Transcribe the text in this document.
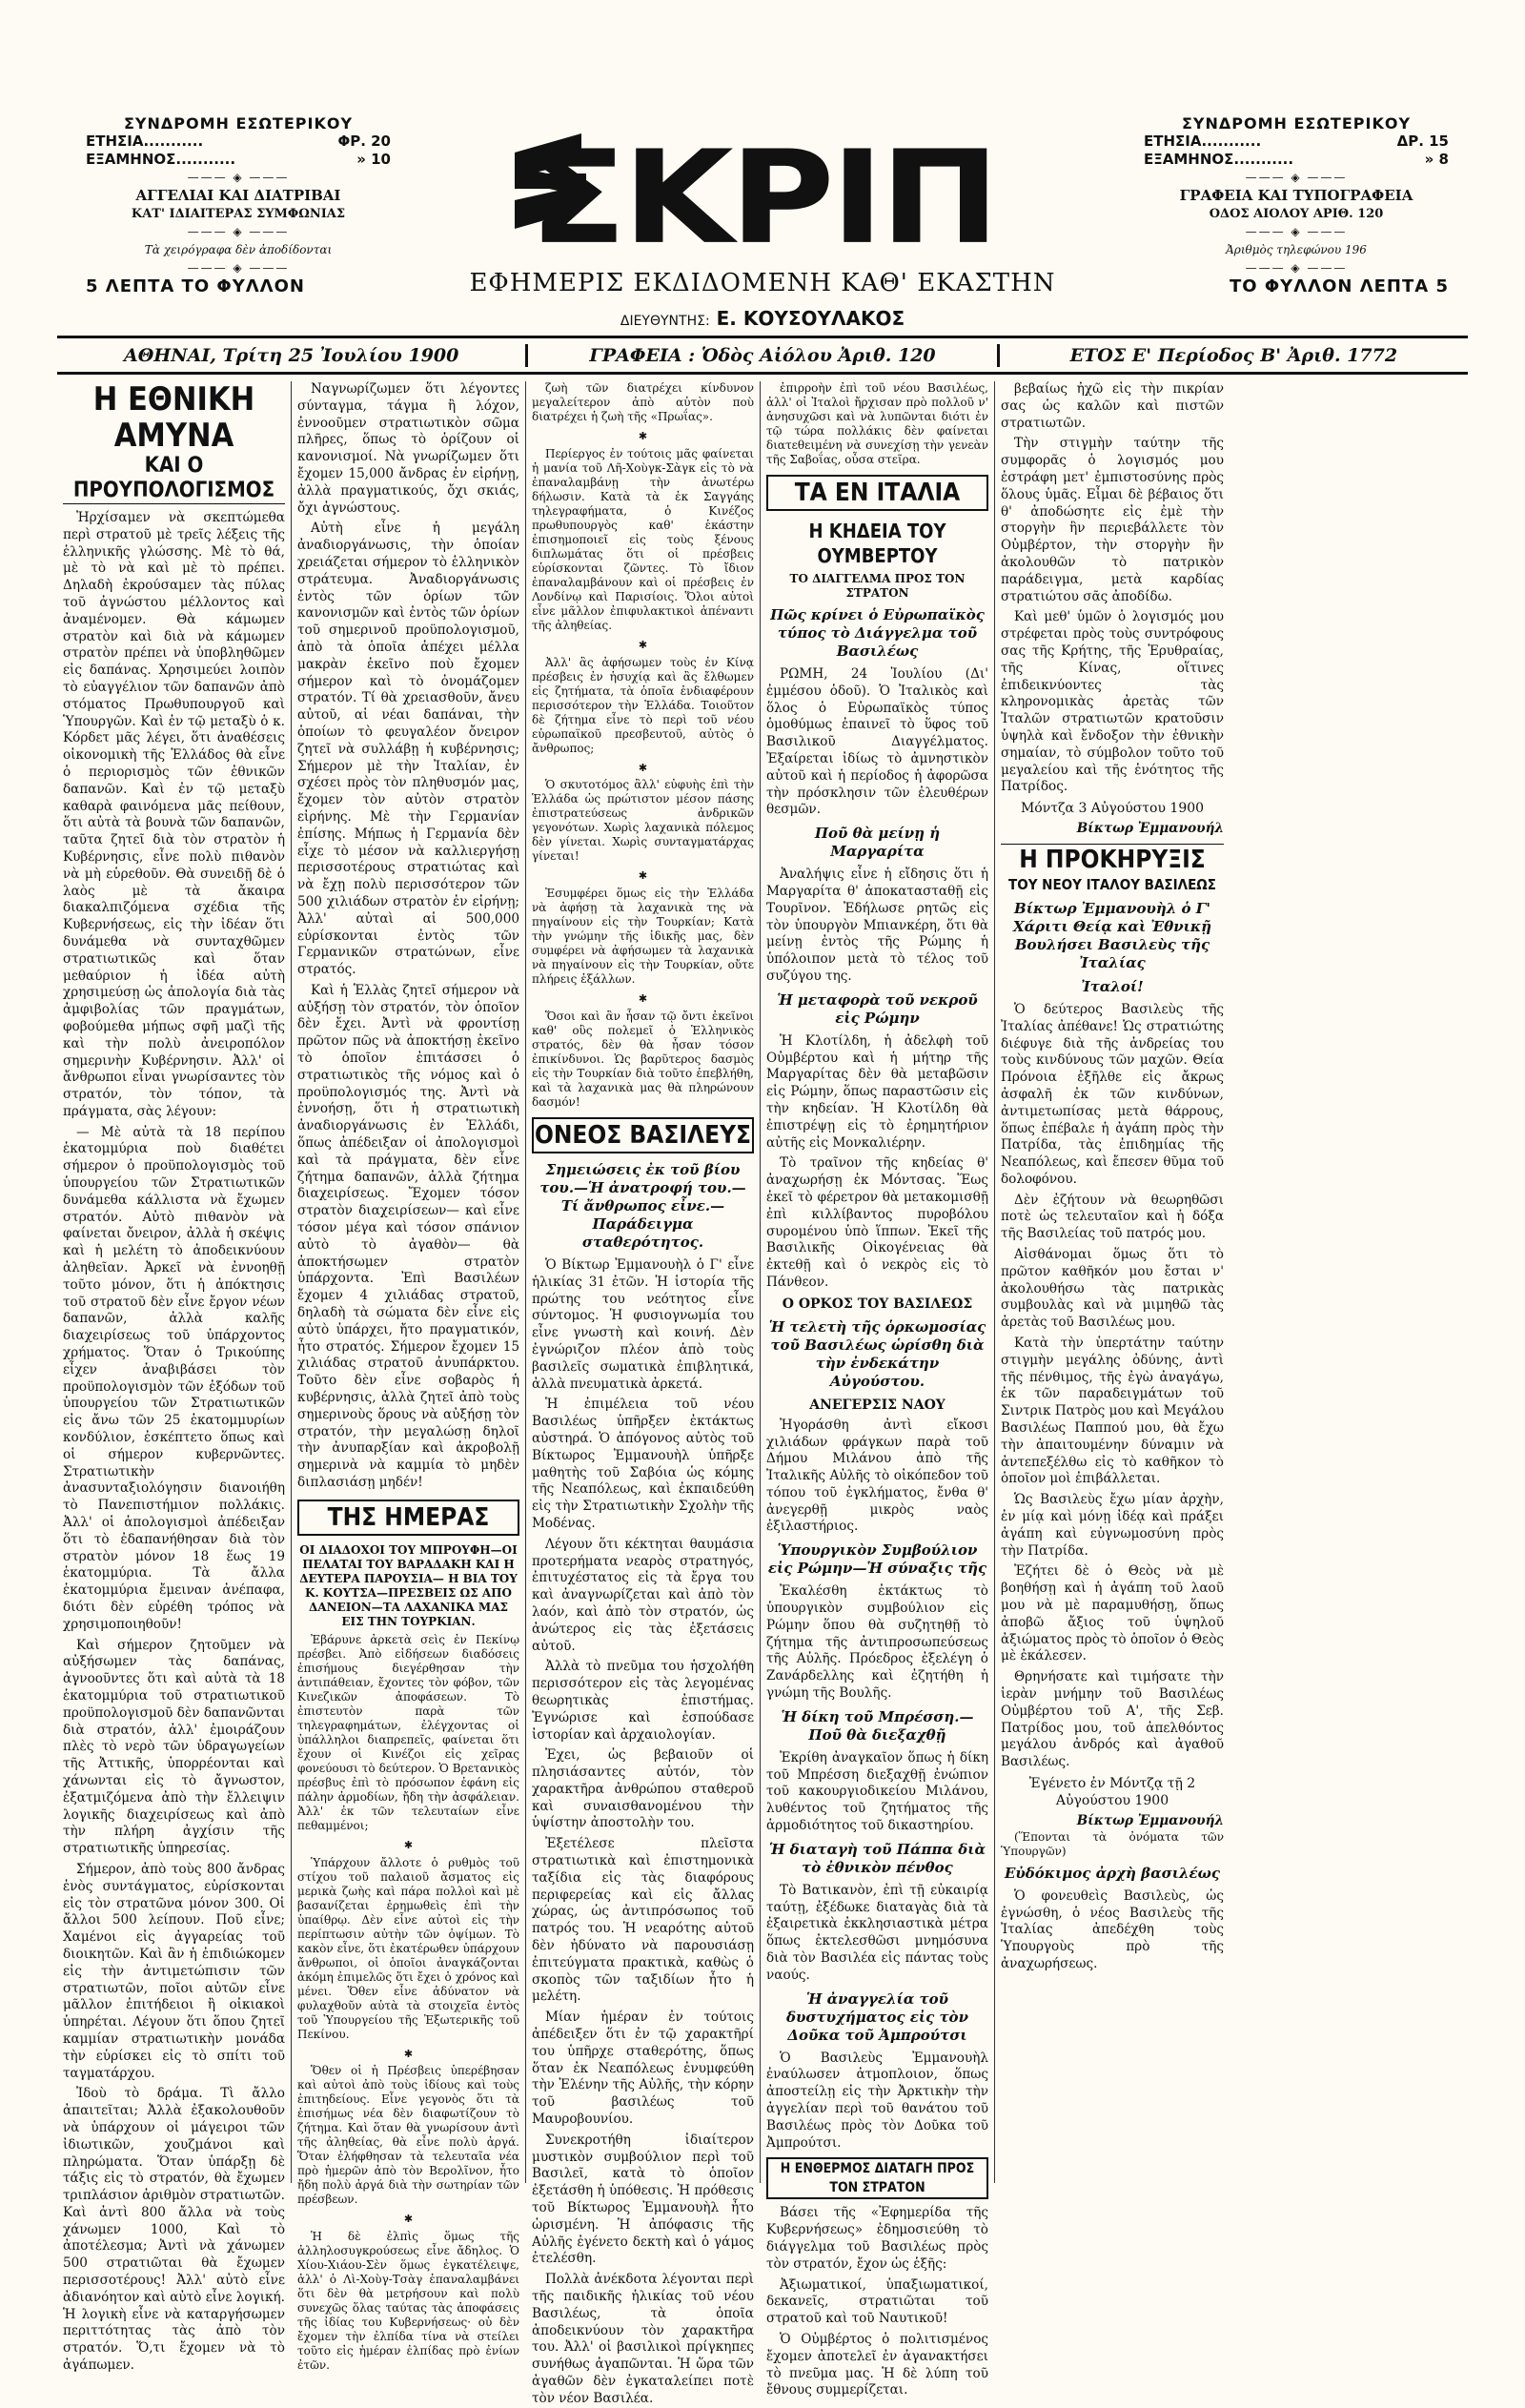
ΣΥΝΔΡΟΜΗ ΕΣΩΤΕΡΙΚΟΥ
ΕΤΗΣΙΑ...........	ΦΡ. 20
ΕΞΑΜΗΝΟΣ...........	» 10
——— ◈ ———
ΑΓΓΕΛΙΑΙ ΚΑΙ ΔΙΑΤΡΙΒΑΙ
ΚΑΤ' ΙΔΙΑΙΤΕΡΑΣ ΣΥΜΦΩΝΙΑΣ
——— ◈ ———
Τὰ χειρόγραφα δὲν ἀποδίδονται
——— ◈ ———
5 ΛΕΠΤΑ ΤΟ ΦΥΛΛΟΝ
ΣΚΡΙΠ
ΕΦΗΜΕΡΙΣ ΕΚΔΙΔΟΜΕΝΗ ΚΑΘ' ΕΚΑΣΤΗΝ
ΔΙΕΥΘΥΝΤΗΣ: Ε. ΚΟΥΣΟΥΛΑΚΟΣ
ΣΥΝΔΡΟΜΗ ΕΣΩΤΕΡΙΚΟΥ
ΕΤΗΣΙΑ...........	ΔΡ. 15
ΕΞΑΜΗΝΟΣ...........	» 8
——— ◈ ———
ΓΡΑΦΕΙΑ ΚΑΙ ΤΥΠΟΓΡΑΦΕΙΑ
ΟΔΟΣ ΑΙΟΛΟΥ ΑΡΙΘ. 120
——— ◈ ———
Ἀριθμὸς τηλεφώνου 196
——— ◈ ———
ΤΟ ΦΥΛΛΟΝ ΛΕΠΤΑ 5
ΑΘΗΝΑΙ, Τρίτη 25 Ἰουλίου 1900	ΓΡΑΦΕΙΑ : Ὁδὸς Αἰόλου Ἀριθ. 120	ΕΤΟΣ Ε' Περίοδος Β' Ἀριθ. 1772
Η ΕΘΝΙΚΗ ΑΜΥΝΑ
ΚΑΙ Ο ΠΡΟΥΠΟΛΟΓΙΣΜΟΣ

Ἠρχίσαμεν νὰ σκεπτώμεθα περὶ στρατοῦ μὲ τρεῖς λέξεις τῆς ἑλληνικῆς γλώσσης. Μὲ τὸ θά, μὲ τὸ νὰ καὶ μὲ τὸ πρέπει. Δηλαδὴ ἐκρούσαμεν τὰς πύλας τοῦ ἀγνώστου μέλλοντος καὶ ἀναμένομεν. Θὰ κάμωμεν στρατὸν καὶ διὰ νὰ κάμωμεν στρατὸν πρέπει νὰ ὑποβληθῶμεν εἰς δαπάνας. Χρησιμεύει λοιπὸν τὸ εὐαγγέλιον τῶν δαπανῶν ἀπὸ στόματος Πρωθυπουργοῦ καὶ Ὑπουργῶν. Καὶ ἐν τῷ μεταξὺ ὁ κ. Κόρδετ μᾶς λέγει, ὅτι ἀναθέσεις οἰκονομικὴ τῆς Ἑλλάδος θὰ εἶνε ὁ περιορισμὸς τῶν ἐθνικῶν δαπανῶν. Καὶ ἐν τῷ μεταξὺ καθαρὰ φαινόμενα μᾶς πείθουν, ὅτι αὐτὰ τὰ βουνὰ τῶν δαπανῶν, ταῦτα ζητεῖ διὰ τὸν στρατὸν ἡ Κυβέρνησις, εἶνε πολὺ πιθανὸν νὰ μὴ εὑρεθοῦν. Θὰ συνειδῇ δὲ ὁ λαὸς μὲ τὰ ἄκαιρα διακαλπιζόμενα σχέδια τῆς Κυβερνήσεως, εἰς τὴν ἰδέαν ὅτι δυνάμεθα νὰ συνταχθῶμεν στρατιωτικῶς καὶ ὅταν μεθαύριον ἡ ἰδέα αὐτὴ χρησιμεύσῃ ὡς ἀπολογία διὰ τὰς ἀμφιβολίας τῶν πραγμάτων, φοβούμεθα μήπως σφῆ μαζὶ τῆς καὶ τὴν πολὺ ἀνειροπόλον σημερινὴν Κυβέρνησιν. Ἀλλ' οἱ ἄνθρωποι εἶναι γνωρίσαντες τὸν στρατόν, τὸν τόπον, τὰ πράγματα, σὰς λέγουν:

— Μὲ αὐτὰ τὰ 18 περίπου ἑκατομμύρια ποὺ διαθέτει σήμερον ὁ προϋπολογισμὸς τοῦ ὑπουργείου τῶν Στρατιωτικῶν δυνάμεθα κάλλιστα νὰ ἔχωμεν στρατόν. Αὐτὸ πιθανὸν νὰ φαίνεται ὄνειρον, ἀλλὰ ἡ σκέψις καὶ ἡ μελέτη τὸ ἀποδεικνύουν ἀληθεῖαν. Ἀρκεῖ νὰ ἐννοηθῇ τοῦτο μόνον, ὅτι ἡ ἀπόκτησις τοῦ στρατοῦ δὲν εἶνε ἔργον νέων δαπανῶν, ἀλλὰ καλῆς διαχειρίσεως τοῦ ὑπάρχοντος χρήματος. Ὅταν ὁ Τρικούπης εἶχεν ἀναβιβάσει τὸν προϋπολογισμὸν τῶν ἐξόδων τοῦ ὑπουργείου τῶν Στρατιωτικῶν εἰς ἄνω τῶν 25 ἑκατομμυρίων κονδύλιον, ἐσκέπτετο ὅπως καὶ οἱ σήμερον κυβερνῶντες. Στρατιωτικὴν ἀνασυνταξιολόγησιν διανοιήθη τὸ Πανεπιστήμιον πολλάκις. Ἀλλ' οἱ ἀπολογισμοὶ ἀπέδειξαν ὅτι τὸ ἐδαπανήθησαν διὰ τὸν στρατὸν μόνον 18 ἕως 19 ἑκατομμύρια. Τὰ ἄλλα ἑκατομμύρια ἔμειναν ἀνέπαφα, διότι δὲν εὑρέθη τρόπος νὰ χρησιμοποιηθοῦν!

Καὶ σήμερον ζητοῦμεν νὰ αὐξήσωμεν τὰς δαπάνας, ἀγνοοῦντες ὅτι καὶ αὐτὰ τὰ 18 ἑκατομμύρια τοῦ στρατιωτικοῦ προϋπολογισμοῦ δὲν δαπανῶνται διὰ στρατόν, ἀλλ' ἐμοιράζουν πλὲς τὸ νερὸ τῶν ὑδραγωγείων τῆς Ἀττικῆς, ὑπορρέονται καὶ χάνωνται εἰς τὸ ἄγνωστον, ἐξατμιζόμενα ἀπὸ τὴν ἔλλειψιν λογικῆς διαχειρίσεως καὶ ἀπὸ τὴν πλήρη ἀγχίσιν τῆς στρατιωτικῆς ὑπηρεσίας.

Σήμερον, ἀπὸ τοὺς 800 ἄνδρας ἑνὸς συντάγματος, εὑρίσκονται εἰς τὸν στρατῶνα μόνον 300. Οἱ ἄλλοι 500 λείπουν. Ποῦ εἶνε; Χαμένοι εἰς ἀγγαρείας τοῦ διοικητῶν. Καὶ ἂν ἡ ἐπιδιώκομεν εἰς τὴν ἀντιμετώπισιν τῶν στρατιωτῶν, ποῖοι αὐτῶν εἶνε μᾶλλον ἐπιτήδειοι ἢ οἰκιακοὶ ὑπηρέται. Λέγουν ὅτι ὅπου ζητεῖ καμμίαν στρατιωτικὴν μονάδα τὴν εὑρίσκει εἰς τὸ σπίτι τοῦ ταγματάρχου.

Ἰδοὺ τὸ δράμα. Τὶ ἄλλο ἀπαιτεῖται; Ἀλλὰ ἐξακολουθοῦν νὰ ὑπάρχουν οἱ μάγειροι τῶν ἰδιωτικῶν, χουζμάνοι καὶ πληρώματα. Ὅταν ὑπάρξῃ δὲ τάξις εἰς τὸ στρατόν, θὰ ἔχωμεν τριπλάσιον ἀριθμὸν στρατιωτῶν. Καὶ ἀντὶ 800 ἄλλα νὰ τοὺς χάνωμεν 1000, Καὶ τὸ ἀποτέλεσμα; Ἀντὶ νὰ χάνωμεν 500 στρατιῶται θὰ ἔχωμεν περισσοτέρους! Ἀλλ' αὐτὸ εἶνε ἀδιανόητον καὶ αὐτὸ εἶνε λογική. Ἡ λογικὴ εἶνε νὰ καταργήσωμεν περιττότητας τὰς ἀπὸ τὸν στρατόν. Ὅ,τι ἔχομεν νὰ τὸ ἀγάπωμεν.

Ναγνωρίζωμεν ὅτι λέγοντες σύνταγμα, τάγμα ἢ λόχον, ἐννοοῦμεν στρατιωτικὸν σῶμα πλῆρες, ὅπως τὸ ὁρίζουν οἱ κανονισμοί. Νὰ γνωρίζωμεν ὅτι ἔχομεν 15,000 ἄνδρας ἐν εἰρήνῃ, ἀλλὰ πραγματικούς, ὄχι σκιάς, ὄχι ἀγνώστους.

Αὐτὴ εἶνε ἡ μεγάλη ἀναδιοργάνωσις, τὴν ὁποίαν χρειάζεται σήμερον τὸ ἑλληνικὸν στράτευμα. Ἀναδιοργάνωσις ἐντὸς τῶν ὁρίων τῶν κανονισμῶν καὶ ἐντὸς τῶν ὁρίων τοῦ σημερινοῦ προϋπολογισμοῦ, ἀπὸ τὰ ὁποῖα ἀπέχει μέλλα μακρὰν ἐκεῖνο ποὺ ἔχομεν σήμερον καὶ τὸ ὀνομάζομεν στρατόν. Τί θὰ χρειασθοῦν, ἄνευ αὐτοῦ, αἱ νέαι δαπάναι, τὴν ὁποίων τὸ φευγαλέον ὄνειρον ζητεῖ νὰ συλλάβῃ ἡ κυβέρνησις; Σήμερον μὲ τὴν Ἰταλίαν, ἐν σχέσει πρὸς τὸν πληθυσμόν μας, ἔχομεν τὸν αὐτὸν στρατὸν εἰρήνης. Μὲ τὴν Γερμανίαν ἐπίσης. Μήπως ἡ Γερμανία δὲν εἶχε τὸ μέσον νὰ καλλιεργήσῃ περισσοτέρους στρατιώτας καὶ νὰ ἔχῃ πολὺ περισσότερον τῶν 500 χιλιάδων στρατὸν ἐν εἰρήνῃ; Ἀλλ' αὐταὶ αἱ 500,000 εὑρίσκονται ἐντὸς τῶν Γερμανικῶν στρατώνων, εἶνε στρατός.

Καὶ ἡ Ἑλλὰς ζητεῖ σήμερον νὰ αὐξήσῃ τὸν στρατόν, τὸν ὁποῖον δὲν ἔχει. Ἀντὶ νὰ φροντίσῃ πρῶτον πῶς νὰ ἀποκτήσῃ ἐκεῖνο τὸ ὁποῖον ἐπιτάσσει ὁ στρατιωτικὸς τῆς νόμος καὶ ὁ προϋπολογισμός της. Ἀντὶ νὰ ἐννοήσῃ, ὅτι ἡ στρατιωτικὴ ἀναδιοργάνωσις ἐν Ἑλλάδι, ὅπως ἀπέδειξαν οἱ ἀπολογισμοὶ καὶ τὰ πράγματα, δὲν εἶνε ζήτημα δαπανῶν, ἀλλὰ ζήτημα διαχειρίσεως. Ἔχομεν τόσον στρατὸν διαχειρίσεων— καὶ εἶνε τόσον μέγα καὶ τόσον σπάνιον αὐτὸ τὸ ἀγαθὸν— θὰ ἀποκτήσωμεν στρατὸν ὑπάρχοντα. Ἐπὶ Βασιλέων ἔχομεν 4 χιλιάδας στρατοῦ, δηλαδὴ τὰ σώματα δὲν εἶνε εἰς αὐτὸ ὑπάρχει, ἤτο πραγματικόν, ἦτο στρατός. Σήμερον ἔχομεν 15 χιλιάδας στρατοῦ ἀνυπάρκτου. Τοῦτο δὲν εἶνε σοβαρὸς ἡ κυβέρνησις, ἀλλὰ ζητεῖ ἀπὸ τοὺς σημερινοὺς ὅρους νὰ αὐξήσῃ τὸν στρατόν, τὴν μεγαλώσῃ δηλοῖ τὴν ἀνυπαρξίαν καὶ ἀκροβολῇ σημερινὰ νὰ καμμία τὸ μηδὲν διπλασιάσῃ μηδέν!

ΤΗΣ ΗΜΕΡΑΣ
ΟΙ ΔΙΑΔΟΧΟΙ ΤΟΥ ΜΠΡΟΥΦΗ—ΟΙ ΠΕΛΑΤΑΙ ΤΟΥ ΒΑΡΑΔΑΚΗ ΚΑΙ Η ΔΕΥΤΕΡΑ ΠΑΡΟΥΣΙΑ— Η ΒΙΑ ΤΟΥ Κ. ΚΟΥΤΣΑ—ΠΡΕΣΒΕΙΣ ΩΣ ΑΠΟ ΔΑΝΕΙΟΝ—ΤΑ ΛΑΧΑΝΙΚΑ ΜΑΣ ΕΙΣ ΤΗΝ ΤΟΥΡΚΙΑΝ.

Ἐβάρυνε ἀρκετὰ σεὶς ἐν Πεκίνῳ πρέσβει. Ἀπὸ εἰδήσεων διαδόσεις ἐπισήμους διεγέρθησαν τὴν ἀντιπάθειαν, ἔχοντες τὸν φόβον, τῶν Κινεζικῶν ἀποφάσεων. Τὸ ἐπιστευτὸν παρὰ τῶν τηλεγραφημάτων, ἐλέγχοντας οἱ ὑπάλληλοι διαπρεπεῖς, φαίνεται ὅτι ἔχουν οἱ Κινέζοι εἰς χεῖρας φονεύουσι τὸ δεύτερον. Ὁ Βρετανικὸς πρέσβυς ἐπὶ τὸ πρόσωπον ἐφάνη εἰς πάλην ἀρμοδίων, ἤδη τὴν ἀσφάλειαν. Ἀλλ' ἐκ τῶν τελευταίων εἶνε πεθαμμένοι;

✱

Ὑπάρχουν ἄλλοτε ὁ ρυθμὸς τοῦ στίχου τοῦ παλαιοῦ ἄσματος εἰς μερικὰ ζωὴς καὶ πάρα πολλοὶ καὶ μὲ βασανίζεται ἐρημωθεὶς ἐπὶ τὴν ὑπαίθρῳ. Δὲν εἶνε αὐτοὶ εἰς τὴν περίπτωσιν αὐτὴν τῶν ὀψίμων. Τὸ κακὸν εἶνε, ὅτι ἐκατέρωθεν ὑπάρχουν ἄνθρωποι, οἱ ὁποῖοι ἀναγκάζονται ἀκόμη ἐπιμελῶς ὅτι ἔχει ὁ χρόνος καὶ μένει. Ὅθεν εἶνε ἀδύνατον νὰ φυλαχθοῦν αὐτὰ τὰ στοιχεῖα ἐντὸς τοῦ Ὑπουργείου τῆς Ἐξωτερικῆς τοῦ Πεκίνου.

✱

Ὅθεν οἱ ἡ Πρέσβεις ὑπερέβησαν καὶ αὐτοὶ ἀπὸ τοὺς ἰδίους καὶ τοὺς ἐπιτηδείους. Εἶνε γεγονὸς ὅτι τὰ ἐπισήμως νέα δὲν διαφωτίζουν τὸ ζήτημα. Καὶ ὅταν θὰ γνωρίσουν ἀντὶ τῆς ἀληθείας, θὰ εἶνε πολὺ ἀργά. Ὅταν ἐλήφθησαν τὰ τελευταῖα νέα πρὸ ἡμερῶν ἀπὸ τὸν Βερολῖνον, ἦτο ἤδη πολὺ ἀργά διὰ τὴν σωτηρίαν τῶν πρέσβεων.

✱

Ἡ δὲ ἐλπὶς ὅμως τῆς ἀλληλοσυγκρούσεως εἶνε ἄδηλος. Ὁ Χίου-Χιάου-Σὲν ὅμως ἐγκατέλειψε, ἀλλ' ὁ Λὶ-Χοὺγ-Τσὰγ ἐπαναλαμβάνει ὅτι δὲν θὰ μετρήσουν καὶ πολὺ συνεχῶς ὅλας ταύτας τὰς ἀποφάσεις τῆς ἰδίας του Κυβερνήσεως· οὐ δὲν ἔχομεν τὴν ἐλπίδα τίνα νὰ στείλει τοῦτο εἰς ἡμέραν ἐλπίδας πρὸ ἐνίων ἐτῶν.

ζωὴ τῶν διατρέχει κίνδυνον μεγαλείτερον ἀπὸ αὐτὸν ποὺ διατρέχει ἡ ζωὴ τῆς «Πρωΐας».

✱

Περίεργος ἐν τούτοις μᾶς φαίνεται ἡ μανία τοῦ Λῆ-Χοὺγκ-Σὰγκ εἰς τὸ νὰ ἐπαναλαμβάνῃ τὴν ἀνωτέρω δήλωσιν. Κατὰ τὰ ἐκ Σαγγάης τηλεγραφήματα, ὁ Κινέζος πρωθυπουργὸς καθ' ἑκάστην ἐπισημοποιεῖ εἰς τοὺς ξένους διπλωμάτας ὅτι οἱ πρέσβεις εὑρίσκονται ζῶντες. Τὸ ἴδιον ἐπαναλαμβάνουν καὶ οἱ πρέσβεις ἐν Λονδίνῳ καὶ Παρισίοις. Ὅλοι αὐτοὶ εἶνε μᾶλλον ἐπιφυλακτικοὶ ἀπέναντι τῆς ἀληθείας.

✱

Ἀλλ' ἂς ἀφήσωμεν τοὺς ἐν Κίνᾳ πρέσβεις ἐν ἡσυχίᾳ καὶ ἂς ἔλθωμεν εἰς ζητήματα, τὰ ὁποῖα ἐνδιαφέρουν περισσότερον τὴν Ἑλλάδα. Τοιοῦτον δὲ ζήτημα εἶνε τὸ περὶ τοῦ νέου εὐρωπαϊκοῦ πρεσβευτοῦ, αὐτὸς ὁ ἄνθρωπος;

✱

Ὁ σκυτοτόμος ἂλλ' εὐφυὴς ἐπὶ τὴν Ἑλλάδα ὡς πρώτιστον μέσον πάσης ἐπιστρατεύσεως ἀνδρικῶν γεγονότων. Χωρὶς λαχανικὰ πόλεμος δὲν γίνεται. Χωρὶς συνταγματάρχας γίνεται!

✱

Ἐσυμφέρει ὅμως εἰς τὴν Ἑλλάδα νὰ ἀφήσῃ τὰ λαχανικὰ της νὰ πηγαίνουν εἰς τὴν Τουρκίαν; Κατὰ τὴν γνώμην τῆς ἰδικῆς μας, δὲν συμφέρει νὰ ἀφήσωμεν τὰ λαχανικὰ νὰ πηγαίνουν εἰς τὴν Τουρκίαν, οὔτε πλήρεις ἑξάλλων.

✱

Ὅσοι καὶ ἂν ἦσαν τῷ ὄντι ἐκεῖνοι καθ' οὓς πολεμεῖ ὁ Ἑλληνικὸς στρατός, δὲν θὰ ἦσαν τόσον ἐπικίνδυνοι. Ὡς βαρῦτερος δασμὸς εἰς τὴν Τουρκίαν διὰ τοῦτο ἐπεβλήθη, καὶ τὰ λαχανικὰ μας θὰ πληρώνουν δασμόν!

ΟΝΕΟΣ ΒΑΣΙΛΕΥΣ
Σημειώσεις ἐκ τοῦ βίου του.—Ἡ ἀνατροφή του.—Τί ἄνθρωπος εἶνε.—Παράδειγμα σταθερότητος.

Ὁ Βίκτωρ Ἐμμανουὴλ ὁ Γ' εἶνε ἡλικίας 31 ἐτῶν. Ἡ ἱστορία τῆς πρώτης του νεότητος εἶνε σύντομος. Ἡ φυσιογνωμία του εἶνε γνωστὴ καὶ κοινή. Δὲν ἐγνώριζον πλέον ἀπὸ τοὺς βασιλεῖς σωματικὰ ἐπιβλητικά, ἀλλὰ πνευματικὰ ἀρκετά.

Ἡ ἐπιμέλεια τοῦ νέου Βασιλέως ὑπῆρξεν ἐκτάκτως αὐστηρά. Ὁ ἀπόγονος αὐτὸς τοῦ Βίκτωρος Ἐμμανουὴλ ὑπῆρξε μαθητὴς τοῦ Σαβόια ὡς κόμης τῆς Νεαπόλεως, καὶ ἐκπαιδεύθη εἰς τὴν Στρατιωτικὴν Σχολὴν τῆς Μοδένας.

Λέγουν ὅτι κέκτηται θαυμάσια προτερήματα νεαρὸς στρατηγός, ἐπιτυχέστατος εἰς τὰ ἔργα του καὶ ἀναγνωρίζεται καὶ ἀπὸ τὸν λαόν, καὶ ἀπὸ τὸν στρατόν, ὡς ἀνώτερος εἰς τὰς ἐξετάσεις αὐτοῦ.

Ἀλλὰ τὸ πνεῦμα του ἡσχολήθη περισσότερον εἰς τὰς λεγομένας θεωρητικὰς ἐπιστήμας. Ἐγνώρισε καὶ ἐσπούδασε ἰστορίαν καὶ ἀρχαιολογίαν.

Ἐχει, ὡς βεβαιοῦν οἱ πλησιάσαντες αὐτόν, τὸν χαρακτῆρα ἀνθρώπου σταθεροῦ καὶ συναισθανομένου τὴν ὑψίστην ἀποστολὴν του.

Ἐξετέλεσε πλεῖστα στρατιωτικὰ καὶ ἐπιστημονικὰ ταξίδια εἰς τὰς διαφόρους περιφερείας καὶ εἰς ἄλλας χώρας, ὡς ἀντιπρόσωπος τοῦ πατρός του. Ἡ νεαρότης αὐτοῦ δὲν ἠδύνατο νὰ παρουσιάσῃ ἐπιτεύγματα πρακτικὰ, καθὼς ὁ σκοπὸς τῶν ταξιδίων ἦτο ἡ μελέτη.

Μίαν ἡμέραν ἐν τούτοις ἀπέδειξεν ὅτι ἐν τῷ χαρακτῆρί του ὑπῆρχε σταθερότης, ὅπως ὅταν ἐκ Νεαπόλεως ἐνυμφεύθη τὴν Ἐλένην τῆς Αὐλῆς, τὴν κόρην τοῦ βασιλέως τοῦ Μαυροβουνίου.

Συνεκροτήθη ἰδιαίτερον μυστικὸν συμβούλιον περὶ τοῦ Βασιλεῖ, κατὰ τὸ ὁποῖον ἐξετάσθη ἡ ὑπόθεσις. Ἡ πρόθεσις τοῦ Βίκτωρος Ἐμμανουὴλ ἦτο ὡρισμένη. Ἡ ἀπόφασις τῆς Αὐλῆς ἐγένετο δεκτὴ καὶ ὁ γάμος ἐτελέσθη.

Πολλὰ ἀνέκδοτα λέγονται περὶ τῆς παιδικῆς ἡλικίας τοῦ νέου Βασιλέως, τὰ ὁποῖα ἀποδεικνύουν τὸν χαρακτῆρα του. Ἀλλ' οἱ βασιλικοὶ πρίγκηπες συνήθως ἀγαπῶνται. Ἡ ὥρα τῶν ἀγαθῶν δὲν ἐγκαταλείπει ποτὲ τὸν νέον Βασιλέα.

ἐπιρροὴν ἐπὶ τοῦ νέου Βασιλέως, ἀλλ' οἱ Ἰταλοὶ ἤρχισαν πρὸ πολλοῦ ν' ἀνησυχῶσι καὶ νὰ λυπῶνται διότι ἐν τῷ τώρα πολλάκις δὲν φαίνεται διατεθειμένη νὰ συνεχίσῃ τὴν γενεὰν τῆς Σαβοΐας, οὖσα στεῖρα.

ΤΑ ΕΝ ΙΤΑΛΙΑ
Η ΚΗΔΕΙΑ ΤΟΥ ΟΥΜΒΕΡΤΟΥ
ΤΟ ΔΙΑΓΓΕΛΜΑ ΠΡΟΣ ΤΟΝ ΣΤΡΑΤΟΝ
Πῶς κρίνει ὁ Εὐρωπαϊκὸς τύπος τὸ Διάγγελμα τοῦ Βασιλέως

ΡΩΜΗ, 24 Ἰουλίου (Δι' ἐμμέσου ὁδοῦ). Ὁ Ἰταλικὸς καὶ ὅλος ὁ Εὐρωπαϊκὸς τύπος ὁμοθύμως ἐπαινεῖ τὸ ὕφος τοῦ Βασιλικοῦ Διαγγέλματος. Ἐξαίρεται ἰδίως τὸ ἀμνηστικὸν αὐτοῦ καὶ ἡ περίοδος ἡ ἀφορῶσα τὴν πρόσκλησιν τῶν ἐλευθέρων θεσμῶν.

Ποῦ θὰ μείνῃ ἡ Μαργαρίτα

Ἀναλήψις εἶνε ἡ εἴδησις ὅτι ἡ Μαργαρίτα θ' ἀποκατασταθῇ εἰς Τουρῖνον. Ἐδήλωσε ρητῶς εἰς τὸν ὑπουργὸν Μπιανκέρη, ὅτι θὰ μείνῃ ἐντὸς τῆς Ρώμης ἡ ὑπόλοιπον μετὰ τὸ τέλος τοῦ συζύγου της.

Ἡ μεταφορὰ τοῦ νεκροῦ εἰς Ρώμην

Ἡ Κλοτίλδη, ἡ ἀδελφὴ τοῦ Οὐμβέρτου καὶ ἡ μήτηρ τῆς Μαργαρίτας δὲν θὰ μεταβῶσιν εἰς Ρώμην, ὅπως παραστῶσιν εἰς τὴν κηδείαν. Ἡ Κλοτίλδη θὰ ἐπιστρέψῃ εἰς τὸ ἐρημητήριον αὐτῆς εἰς Μονκαλιέρην.

Τὸ τραῖνον τῆς κηδείας θ' ἀναχωρήσῃ ἐκ Μόντσας. Ἕως ἐκεῖ τὸ φέρετρον θὰ μετακομισθῇ ἐπὶ κιλλίβαντος πυροβόλου συρομένου ὑπὸ ἵππων. Ἐκεῖ τῆς Βασιλικῆς Οἰκογένειας θὰ ἐκτεθῇ καὶ ὁ νεκρὸς εἰς τὸ Πάνθεον.

Ο ΟΡΚΟΣ ΤΟΥ ΒΑΣΙΛΕΩΣ
Ἡ τελετὴ τῆς ὁρκωμοσίας τοῦ Βασιλέως ὡρίσθη διὰ τὴν ἐνδεκάτην Αὐγούστου.
ΑΝΕΓΕΡΣΙΣ ΝΑΟΥ

Ἠγοράσθη ἀντὶ εἴκοσι χιλιάδων φράγκων παρὰ τοῦ Δήμου Μιλάνου ἀπὸ τῆς Ἰταλικῆς Αὐλῆς τὸ οἰκόπεδον τοῦ τόπου τοῦ ἐγκλήματος, ἔνθα θ' ἀνεγερθῇ μικρὸς ναὸς ἐξιλαστήριος.

Ὑπουργικὸν Συμβούλιον εἰς Ρώμην—Ἡ σύναξις τῆς

Ἐκαλέσθη ἐκτάκτως τὸ ὑπουργικὸν συμβούλιον εἰς Ρώμην ὅπου θὰ συζητηθῇ τὸ ζήτημα τῆς ἀντιπροσωπεύσεως τῆς Αὐλῆς. Πρόεδρος ἐξελέγη ὁ Ζανάρδελλης καὶ ἐζητήθη ἡ γνώμη τῆς Βουλῆς.

Ἡ δίκη τοῦ Μπρέσση.— Ποῦ θὰ διεξαχθῇ

Ἐκρίθη ἀναγκαῖον ὅπως ἡ δίκη τοῦ Μπρέσση διεξαχθῇ ἐνώπιον τοῦ κακουργιοδικείου Μιλάνου, λυθέντος τοῦ ζητήματος τῆς ἁρμοδιότητος τοῦ δικαστηρίου.

Ἡ διαταγὴ τοῦ Πάππα διὰ τὸ ἐθνικὸν πένθος

Τὸ Βατικανὸν, ἐπὶ τῇ εὐκαιρίᾳ ταύτῃ, ἐξέδωκε διαταγὰς διὰ τὰ ἐξαιρετικὰ ἐκκλησιαστικὰ μέτρα ὅπως ἐκτελεσθῶσι μνημόσυνα διὰ τὸν Βασιλέα εἰς πάντας τοὺς ναούς.

Ἡ ἀναγγελία τοῦ δυστυχήματος εἰς τὸν Δοῦκα τοῦ Ἀμπρούτσι

Ὁ Βασιλεὺς Ἐμμανουὴλ ἐναύλωσεν ἀτμοπλοιον, ὅπως ἀποστείλῃ εἰς τὴν Ἀρκτικὴν τὴν ἀγγελίαν περὶ τοῦ θανάτου τοῦ Βασιλέως πρὸς τὸν Δοῦκα τοῦ Ἀμπρούτσι.

Η ΕΝΘΕΡΜΟΣ ΔΙΑΤΑΓΗ ΠΡΟΣ ΤΟΝ ΣΤΡΑΤΟΝ

Βάσει τῆς «Ἐφημερίδα τῆς Κυβερνήσεως» ἐδημοσιεύθη τὸ διάγγελμα τοῦ Βασιλέως πρὸς τὸν στρατόν, ἔχον ὡς ἑξῆς:

Ἀξιωματικοί, ὑπαξιωματικοί, δεκανεῖς, στρατιῶται τοῦ στρατοῦ καὶ τοῦ Ναυτικοῦ!

Ὁ Οὐμβέρτος ὁ πολιτισμένος ἔχομεν ἀποτελεῖ ἐν ἀγανακτήσει τὸ πνεῦμα μας. Ἡ δὲ λύπη τοῦ ἔθνους συμμερίζεται.

βεβαίως ἠχῶ εἰς τὴν πικρίαν σας ὡς καλῶν καὶ πιστῶν στρατιωτῶν.

Τὴν στιγμὴν ταύτην τῆς συμφορᾶς ὁ λογισμός μου ἐστράφη μετ' ἐμπιστοσύνης πρὸς ὅλους ὑμᾶς. Εἶμαι δὲ βέβαιος ὅτι θ' ἀποδώσητε εἰς ἐμὲ τὴν στοργὴν ἣν περιεβάλλετε τὸν Οὐμβέρτον, τὴν στοργὴν ἣν ἀκολουθῶν τὸ πατρικὸν παράδειγμα, μετὰ καρδίας στρατιώτου σᾶς ἀποδίδω.

Καὶ μεθ' ὑμῶν ὁ λογισμός μου στρέφεται πρὸς τοὺς συντρόφους σας τῆς Κρήτης, τῆς Ἐρυθραίας, τῆς Κίνας, οἵτινες ἐπιδεικνύοντες τὰς κληρονομικὰς ἀρετὰς τῶν Ἰταλῶν στρατιωτῶν κρατοῦσιν ὑψηλὰ καὶ ἔνδοξον τὴν ἐθνικὴν σημαίαν, τὸ σύμβολον τοῦτο τοῦ μεγαλείου καὶ τῆς ἑνότητος τῆς Πατρίδος.

Μόντζα 3 Αὐγούστου 1900
Βίκτωρ Ἐμμανουήλ
Η ΠΡΟΚΗΡΥΞΙΣ
ΤΟΥ ΝΕΟΥ ΙΤΑΛΟΥ ΒΑΣΙΛΕΩΣ
Βίκτωρ Ἐμμανουὴλ ὁ Γ' Χάριτι Θείᾳ καὶ Ἐθνικῇ Βουλήσει Βασιλεὺς τῆς Ἰταλίας
Ἰταλοί!

Ὁ δεύτερος Βασιλεὺς τῆς Ἰταλίας ἀπέθανε! Ὡς στρατιώτης διέφυγε διὰ τῆς ἀνδρείας του τοὺς κινδύνους τῶν μαχῶν. Θεία Πρόνοια ἐξῆλθε εἰς ἄκρως ἀσφαλῆ ἐκ τῶν κινδύνων, ἀντιμετωπίσας μετὰ θάρρους, ὅπως ἐπέβαλε ἡ ἀγάπη πρὸς τὴν Πατρίδα, τὰς ἐπιδημίας τῆς Νεαπόλεως, καὶ ἔπεσεν θῦμα τοῦ δολοφόνου.

Δὲν ἐζήτουν νὰ θεωρηθῶσι ποτὲ ὡς τελευταῖον καὶ ἡ δόξα τῆς Βασιλείας τοῦ πατρός μου.

Αἰσθάνομαι ὅμως ὅτι τὸ πρῶτον καθῆκόν μου ἔσται ν' ἀκολουθήσω τὰς πατρικὰς συμβουλὰς καὶ νὰ μιμηθῶ τὰς ἀρετὰς τοῦ Βασιλέως μου.

Κατὰ τὴν ὑπερτάτην ταύτην στιγμὴν μεγάλης ὀδύνης, ἀντὶ τῆς πένθιμος, τῆς ἐγὼ ἀναγάγω, ἐκ τῶν παραδειγμάτων τοῦ Σιντρικ Πατρὸς μου καὶ Μεγάλου Βασιλέως Παππού μου, θὰ ἔχω τὴν ἀπαιτουμένην δύναμιν νὰ ἀντεπεξέλθω εἰς τὸ καθῆκον τὸ ὁποῖον μοὶ ἐπιβάλλεται.

Ὡς Βασιλεὺς ἔχω μίαν ἀρχὴν, ἐν μίᾳ καὶ μόνῃ ἰδέᾳ καὶ πράξει ἀγάπη καὶ εὐγνωμοσύνη πρὸς τὴν Πατρίδα.

Ἐζήτει δὲ ὁ Θεὸς νὰ μὲ βοηθήσῃ καὶ ἡ ἀγάπη τοῦ λαοῦ μου νὰ μὲ παραμυθήσῃ, ὅπως ἀποβῶ ἄξιος τοῦ ὑψηλοῦ ἀξιώματος πρὸς τὸ ὁποῖον ὁ Θεὸς μὲ ἐκάλεσεν.

Θρηνήσατε καὶ τιμήσατε τὴν ἱερὰν μνήμην τοῦ Βασιλέως Οὐμβέρτου τοῦ Α', τῆς Σεβ. Πατρίδος μου, τοῦ ἀπελθόντος μεγάλου ἀνδρός καὶ ἀγαθοῦ Βασιλέως.

Ἐγένετο ἐν Μόντζᾳ τῇ 2 Αὐγούστου 1900
Βίκτωρ Ἐμμανουήλ

(Ἕπονται τὰ ὀνόματα τῶν Ὑπουργῶν)

Εὐδόκιμος ἀρχὴ βασιλέως

Ὁ φονευθεὶς Βασιλεὺς, ὡς ἐγνώσθη, ὁ νέος Βασιλεὺς τῆς Ἰταλίας ἀπεδέχθη τοὺς Ὑπουργοὺς πρὸ τῆς ἀναχωρήσεως.
